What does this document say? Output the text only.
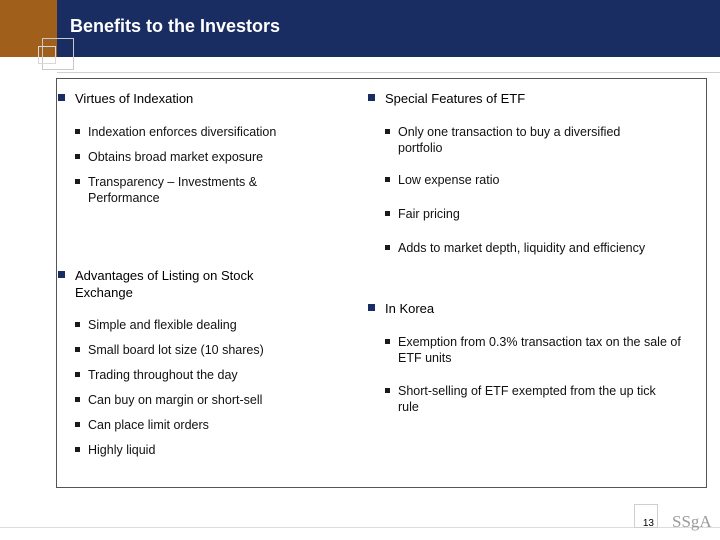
Benefits to the Investors
Virtues of Indexation
Indexation enforces diversification
Obtains broad market exposure
Transparency – Investments & Performance
Advantages of Listing on Stock Exchange
Simple and flexible dealing
Small board lot size (10 shares)
Trading throughout the day
Can buy on margin or short-sell
Can place limit orders
Highly liquid
Special Features of ETF
Only one transaction to buy a diversified portfolio
Low expense ratio
Fair pricing
Adds to market depth, liquidity and efficiency
In Korea
Exemption from 0.3% transaction tax on the sale of ETF units
Short-selling of ETF exempted from the up tick rule
13 SSgA
